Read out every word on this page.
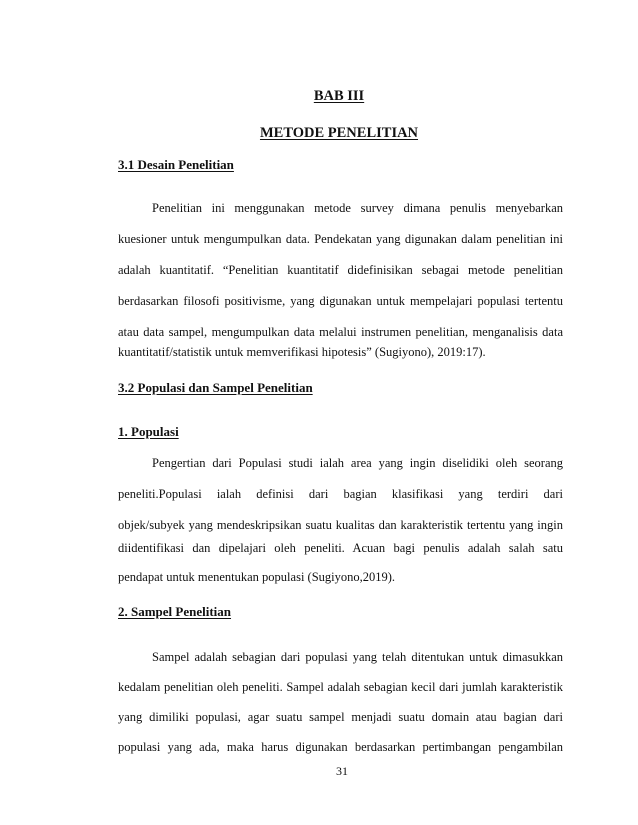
BAB III
METODE PENELITIAN
3.1 Desain Penelitian
Penelitian ini menggunakan metode survey dimana penulis menyebarkan
kuesioner untuk mengumpulkan data. Pendekatan yang digunakan dalam penelitian ini
adalah kuantitatif. “Penelitian kuantitatif didefinisikan sebagai metode penelitian
berdasarkan filosofi positivisme, yang digunakan untuk mempelajari populasi tertentu
atau data sampel, mengumpulkan data melalui instrumen penelitian, menganalisis data
kuantitatif/statistik untuk memverifikasi hipotesis” (Sugiyono), 2019:17).
3.2 Populasi dan Sampel Penelitian
1. Populasi
Pengertian dari Populasi studi ialah area yang ingin diselidiki oleh seorang
peneliti.Populasi ialah definisi dari bagian klasifikasi yang terdiri dari
objek/subyek yang mendeskripsikan suatu kualitas dan karakteristik tertentu yang ingin
diidentifikasi dan dipelajari oleh peneliti. Acuan bagi penulis adalah salah satu
pendapat untuk menentukan populasi (Sugiyono,2019).
2. Sampel Penelitian
Sampel adalah sebagian dari populasi yang telah ditentukan untuk dimasukkan
kedalam penelitian oleh peneliti. Sampel adalah sebagian kecil dari jumlah karakteristik
yang dimiliki populasi, agar suatu sampel menjadi suatu domain atau bagian dari
populasi yang ada, maka harus digunakan berdasarkan pertimbangan pengambilan
31
